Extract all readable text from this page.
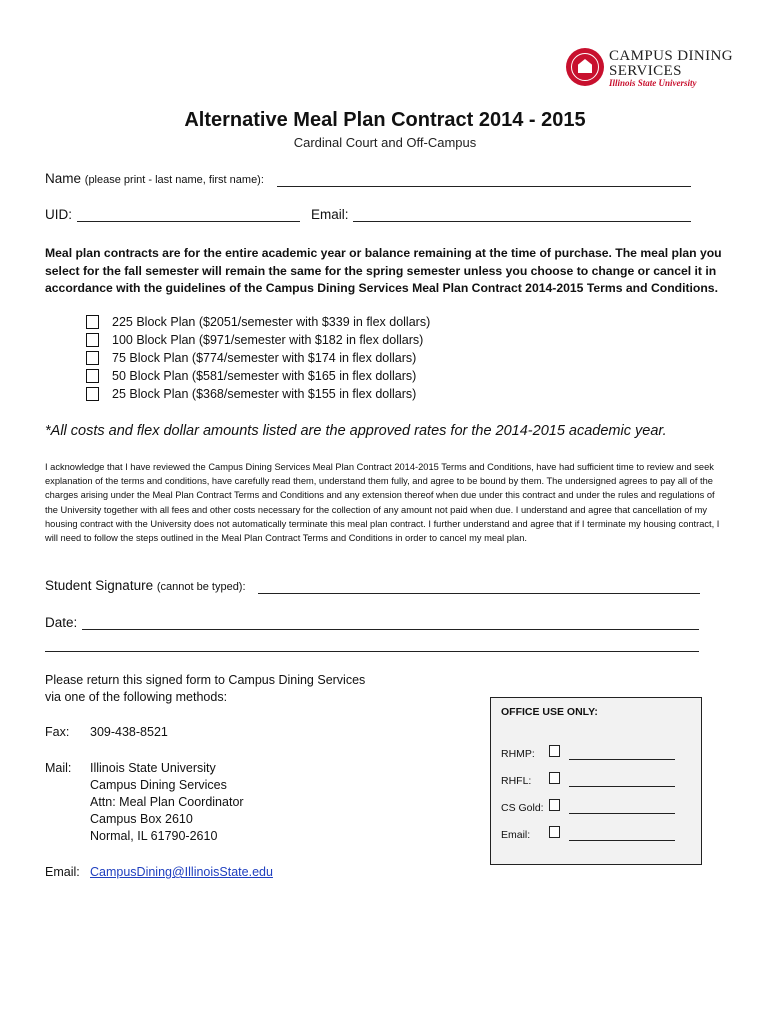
CAMPUS DINING
SERVICES
Illinois State University
Alternative Meal Plan Contract 2014 - 2015
Cardinal Court and Off-Campus
Name (please print - last name, first name):
UID:	Email:
Meal plan contracts are for the entire academic year or balance remaining at the time of purchase. The meal plan you select for the fall semester will remain the same for the spring semester unless you choose to change or cancel it in accordance with the guidelines of the Campus Dining Services Meal Plan Contract 2014-2015 Terms and Conditions.
225 Block Plan ($2051/semester with $339 in flex dollars)
100 Block Plan ($971/semester with $182 in flex dollars)
75 Block Plan ($774/semester with $174 in flex dollars)
50 Block Plan ($581/semester with $165 in flex dollars)
25 Block Plan ($368/semester with $155 in flex dollars)
*All costs and flex dollar amounts listed are the approved rates for the 2014-2015 academic year.
I acknowledge that I have reviewed the Campus Dining Services Meal Plan Contract 2014-2015 Terms and Conditions, have had sufficient time to review and seek explanation of the terms and conditions, have carefully read them, understand them fully, and agree to be bound by them. The undersigned agrees to pay all of the charges arising under the Meal Plan Contract Terms and Conditions and any extension thereof when due under this contract and under the rules and regulations of the University together with all fees and other costs necessary for the collection of any amount not paid when due. I understand and agree that cancellation of my housing contract with the University does not automatically terminate this meal plan contract. I further understand and agree that if I terminate my housing contract, I will need to follow the steps outlined in the Meal Plan Contract Terms and Conditions in order to cancel my meal plan.
Student Signature (cannot be typed):
Date:
Please return this signed form to Campus Dining Services
via one of the following methods:
Fax: 309-438-8521
Mail: Illinois State University
Campus Dining Services
Attn: Meal Plan Coordinator
Campus Box 2610
Normal, IL 61790-2610
Email: CampusDining@IllinoisState.edu
OFFICE USE ONLY:
RHMP:
RHFL:
CS Gold:
Email:
